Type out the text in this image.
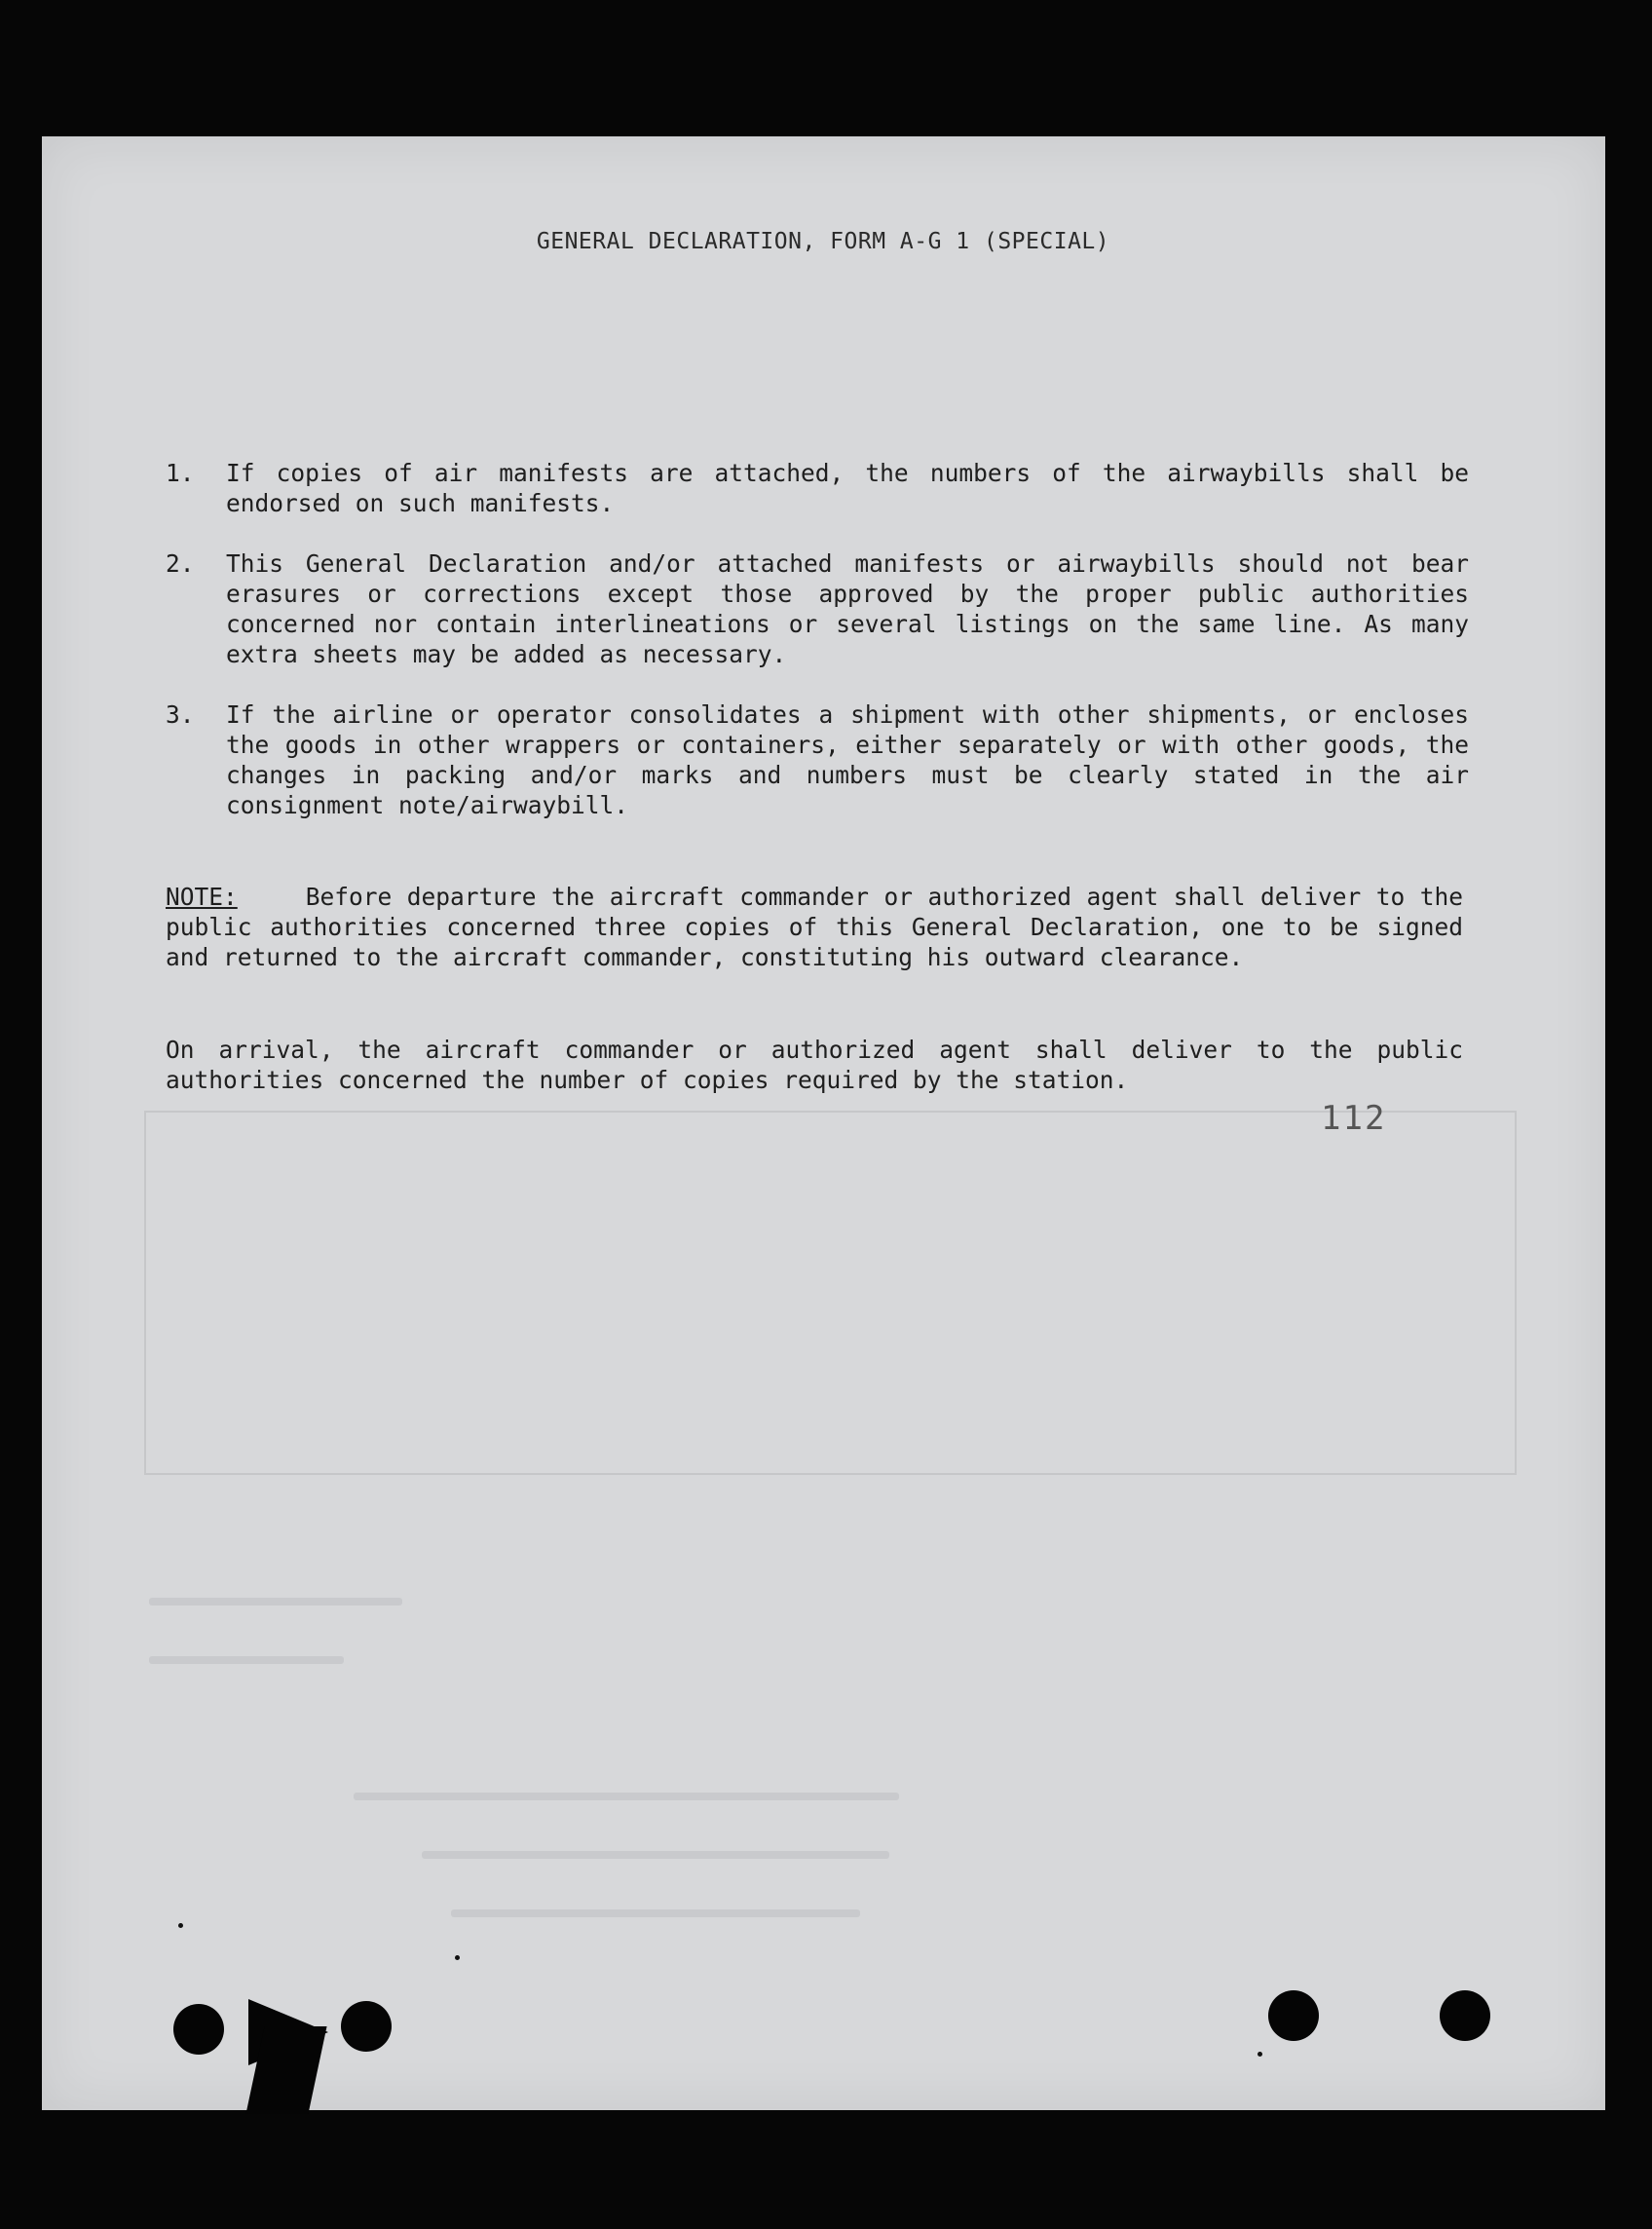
GENERAL DECLARATION, FORM A-G 1 (SPECIAL)
1.	If copies of air manifests are attached, the numbers of the airwaybills shall be endorsed on such manifests.
2.	This General Declaration and/or attached manifests or airwaybills should not bear erasures or corrections except those approved by the proper public authorities concerned nor contain interlineations or several listings on the same line. As many extra sheets may be added as necessary.
3.	If the airline or operator consolidates a shipment with other shipments, or encloses the goods in other wrappers or containers, either separately or with other goods, the changes in packing and/or marks and numbers must be clearly stated in the air consignment note/airwaybill.
NOTE:	Before departure the aircraft commander or authorized agent shall deliver to the public authorities concerned three copies of this General Declaration, one to be signed and returned to the aircraft commander, constituting his outward clearance.
On arrival, the aircraft commander or authorized agent shall deliver to the public authorities concerned the number of copies required by the station.
112
